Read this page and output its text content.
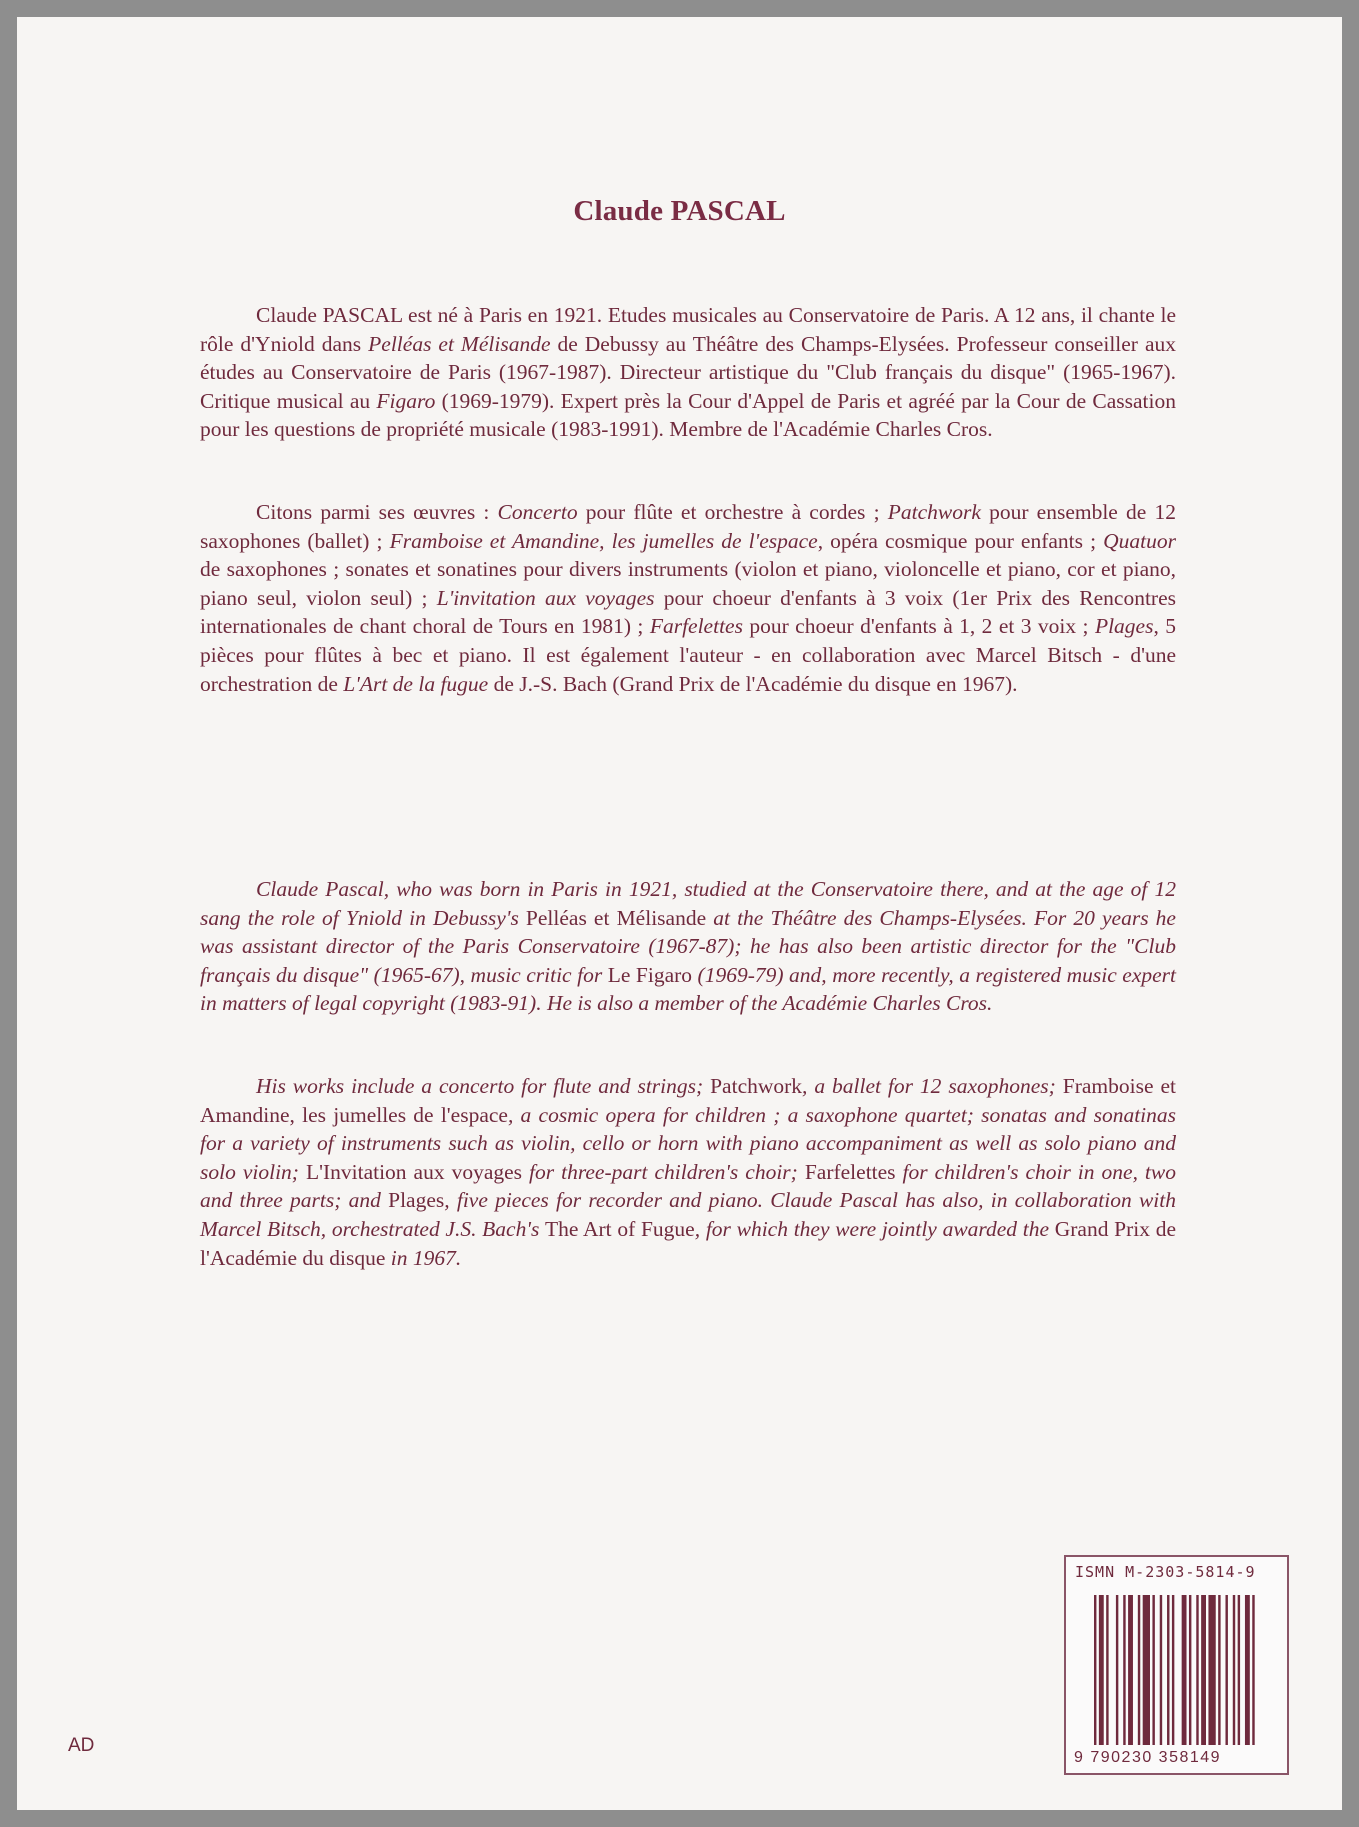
Claude PASCAL

Claude PASCAL est né à Paris en 1921. Etudes musicales au Conservatoire de Paris. A 12 ans, il chante le rôle d'Yniold dans Pelléas et Mélisande de Debussy au Théâtre des Champs-Elysées. Professeur conseiller aux études au Conservatoire de Paris (1967-1987). Directeur artistique du "Club français du disque" (1965-1967). Critique musical au Figaro (1969-1979). Expert près la Cour d'Appel de Paris et agréé par la Cour de Cassation pour les questions de propriété musicale (1983-1991). Membre de l'Académie Charles Cros.

Citons parmi ses œuvres : Concerto pour flûte et orchestre à cordes ; Patchwork pour ensemble de 12 saxophones (ballet) ; Framboise et Amandine, les jumelles de l'espace, opéra cosmique pour enfants ; Quatuor de saxophones ; sonates et sonatines pour divers instruments (violon et piano, violoncelle et piano, cor et piano, piano seul, violon seul) ; L'invitation aux voyages pour choeur d'enfants à 3 voix (1er Prix des Rencontres internationales de chant choral de Tours en 1981) ; Farfelettes pour choeur d'enfants à 1, 2 et 3 voix ; Plages, 5 pièces pour flûtes à bec et piano. Il est également l'auteur - en collaboration avec Marcel Bitsch - d'une orchestration de L'Art de la fugue de J.-S. Bach (Grand Prix de l'Académie du disque en 1967).

Claude Pascal, who was born in Paris in 1921, studied at the Conservatoire there, and at the age of 12 sang the role of Yniold in Debussy's Pelléas et Mélisande at the Théâtre des Champs-Elysées. For 20 years he was assistant director of the Paris Conservatoire (1967-87); he has also been artistic director for the "Club français du disque" (1965-67), music critic for Le Figaro (1969-79) and, more recently, a registered music expert in matters of legal copyright (1983-91). He is also a member of the Académie Charles Cros.

His works include a concerto for flute and strings; Patchwork, a ballet for 12 saxophones; Framboise et Amandine, les jumelles de l'espace, a cosmic opera for children ; a saxophone quartet; sonatas and sonatinas for a variety of instruments such as violin, cello or horn with piano accompaniment as well as solo piano and solo violin; L'Invitation aux voyages for three-part children's choir; Farfelettes for children's choir in one, two and three parts; and Plages, five pieces for recorder and piano. Claude Pascal has also, in collaboration with Marcel Bitsch, orchestrated J.S. Bach's The Art of Fugue, for which they were jointly awarded the Grand Prix de l'Académie du disque in 1967.

ISMN M-2303-5814-9
9 790230 358149
AD
